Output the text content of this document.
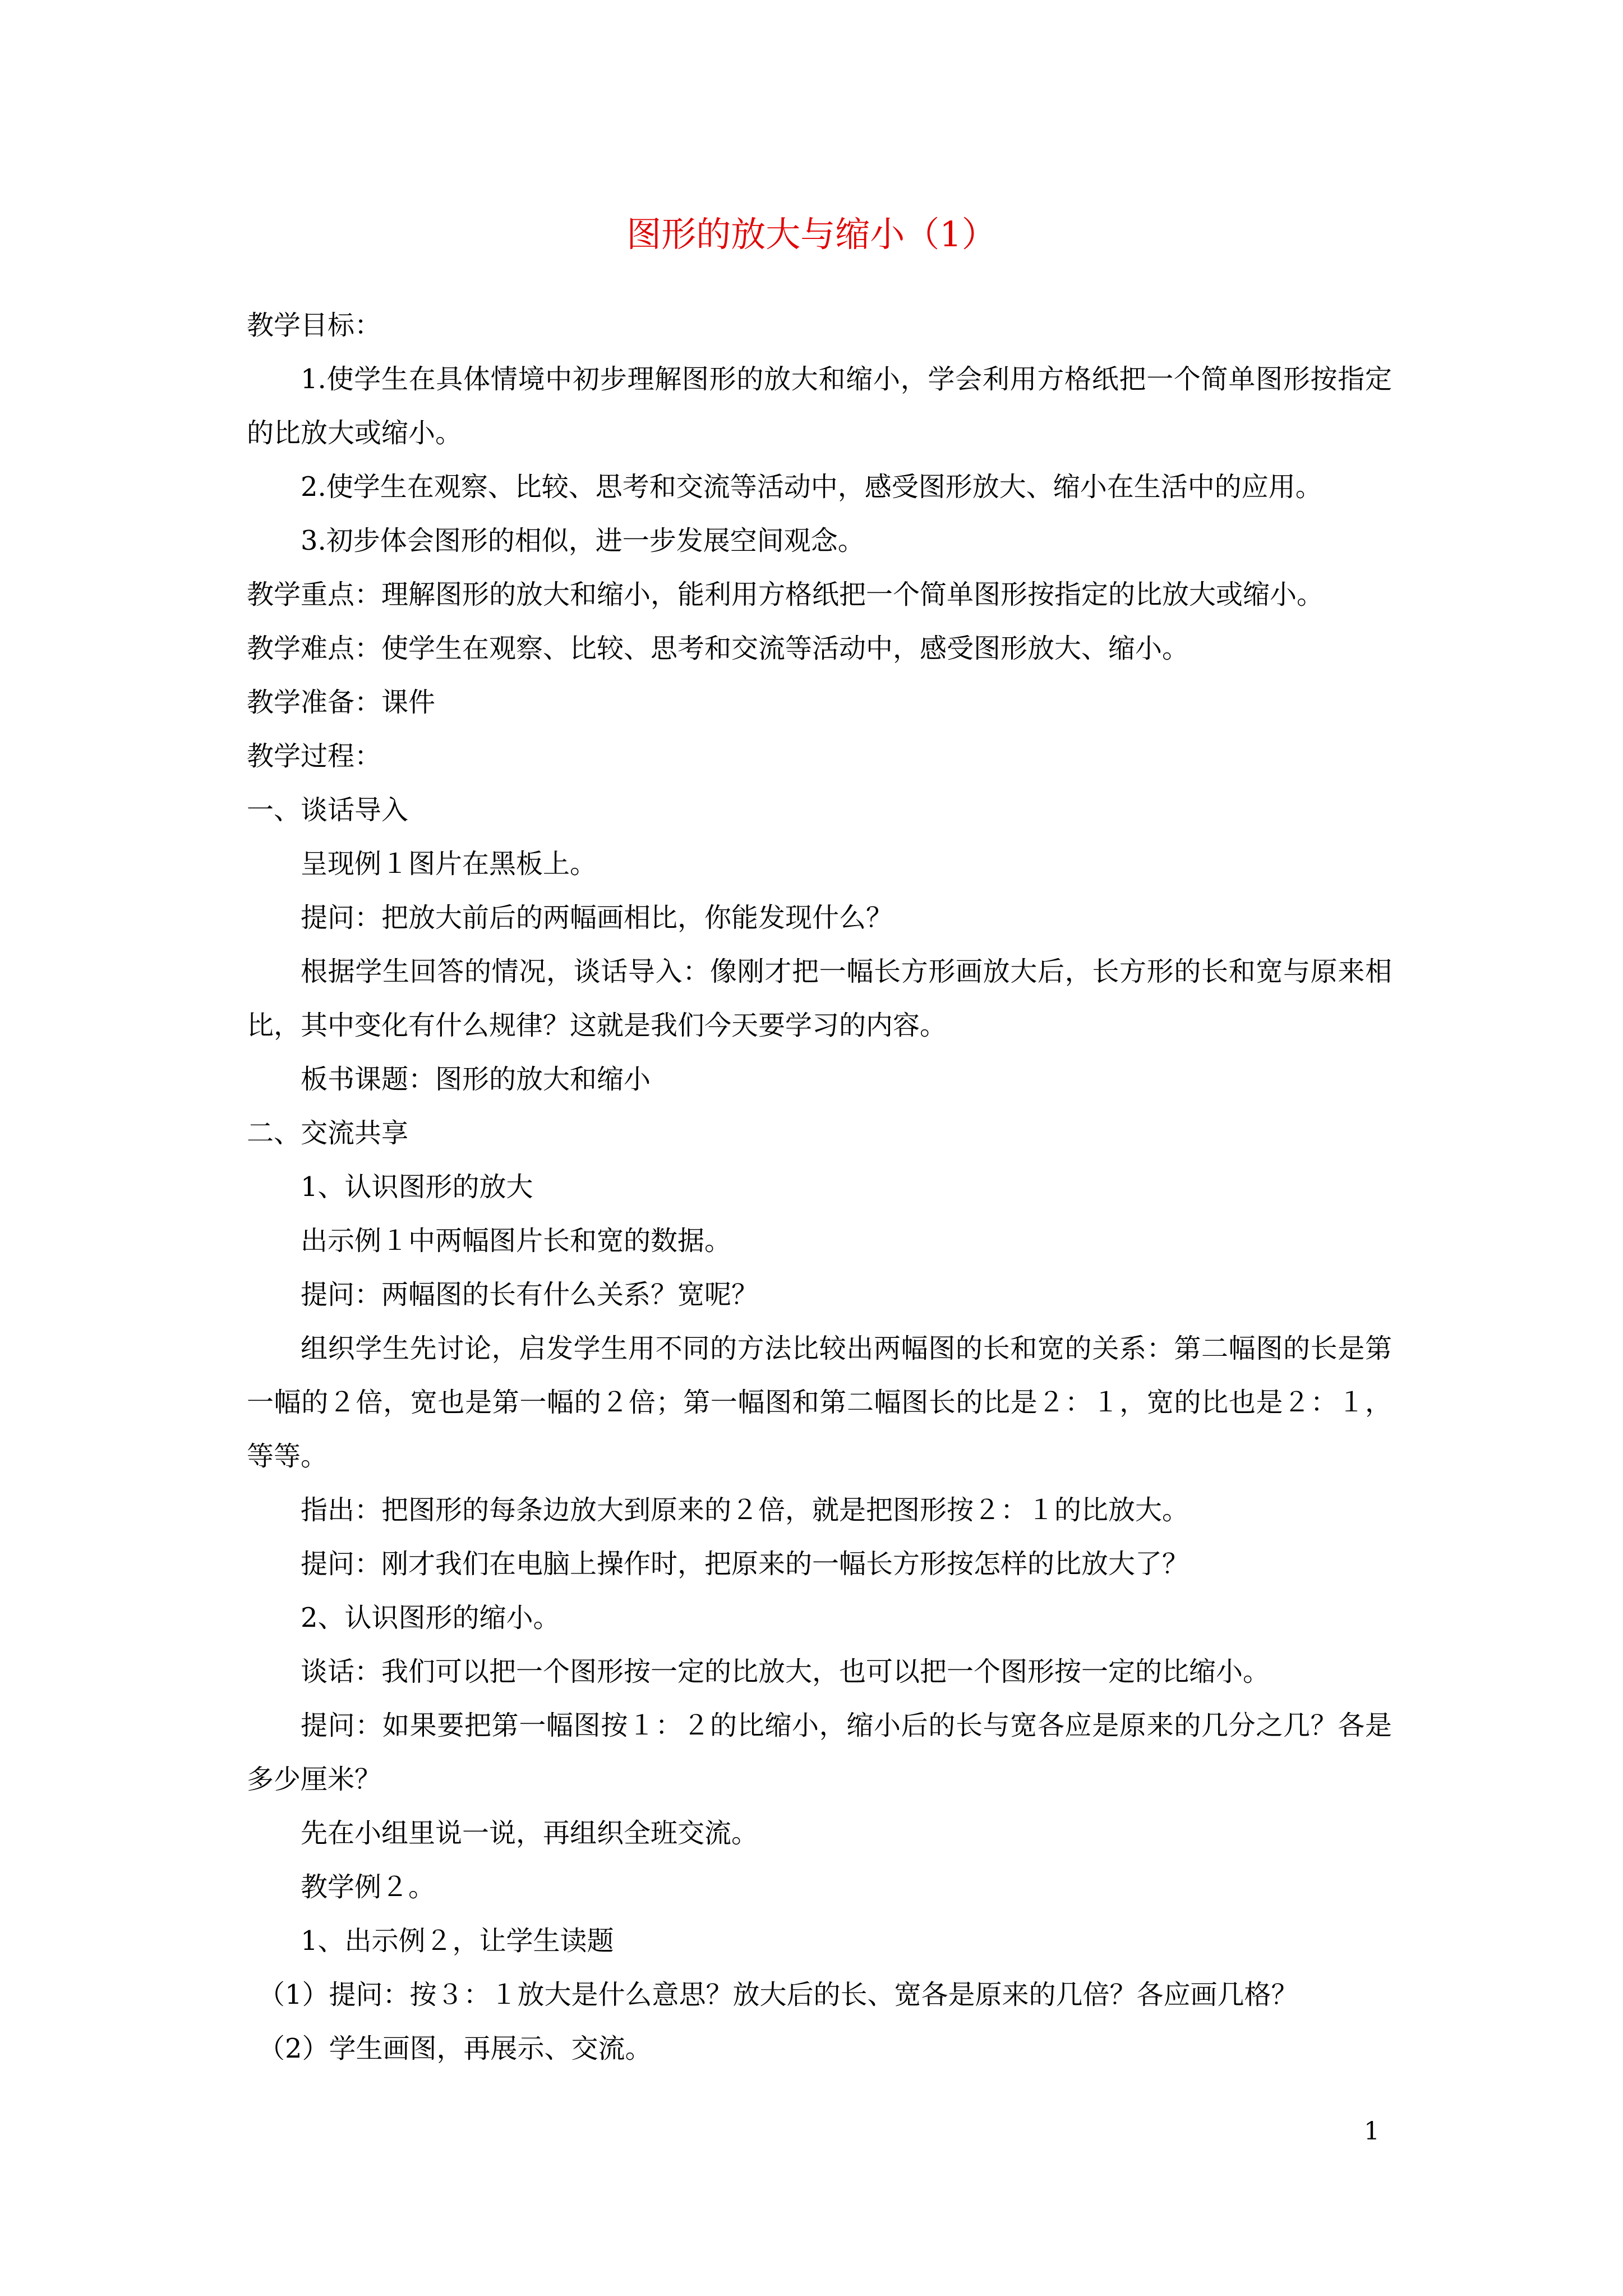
图形的放大与缩小（1）

教学目标：

1.使学生在具体情境中初步理解图形的放大和缩小，学会利用方格纸把一个简单图形按指定的比放大或缩小。

2.使学生在观察、比较、思考和交流等活动中，感受图形放大、缩小在生活中的应用。

3.初步体会图形的相似，进一步发展空间观念。

教学重点：理解图形的放大和缩小，能利用方格纸把一个简单图形按指定的比放大或缩小。

教学难点：使学生在观察、比较、思考和交流等活动中，感受图形放大、缩小。

教学准备：课件

教学过程：

一、谈话导入

呈现例１图片在黑板上。

提问：把放大前后的两幅画相比，你能发现什么？

根据学生回答的情况，谈话导入：像刚才把一幅长方形画放大后，长方形的长和宽与原来相比，其中变化有什么规律？这就是我们今天要学习的内容。

板书课题：图形的放大和缩小

二、交流共享

1、认识图形的放大

出示例１中两幅图片长和宽的数据。

提问：两幅图的长有什么关系？宽呢？

组织学生先讨论，启发学生用不同的方法比较出两幅图的长和宽的关系：第二幅图的长是第一幅的２倍，宽也是第一幅的２倍；第一幅图和第二幅图长的比是２：１，宽的比也是２：１，等等。

指出：把图形的每条边放大到原来的２倍，就是把图形按２：１的比放大。

提问：刚才我们在电脑上操作时，把原来的一幅长方形按怎样的比放大了？

2、认识图形的缩小。

谈话：我们可以把一个图形按一定的比放大，也可以把一个图形按一定的比缩小。

提问：如果要把第一幅图按１：２的比缩小，缩小后的长与宽各应是原来的几分之几？各是多少厘米？

先在小组里说一说，再组织全班交流。

教学例２。

1、出示例２，让学生读题

（1）提问：按３：１放大是什么意思？放大后的长、宽各是原来的几倍？各应画几格？

（2）学生画图，再展示、交流。

1
